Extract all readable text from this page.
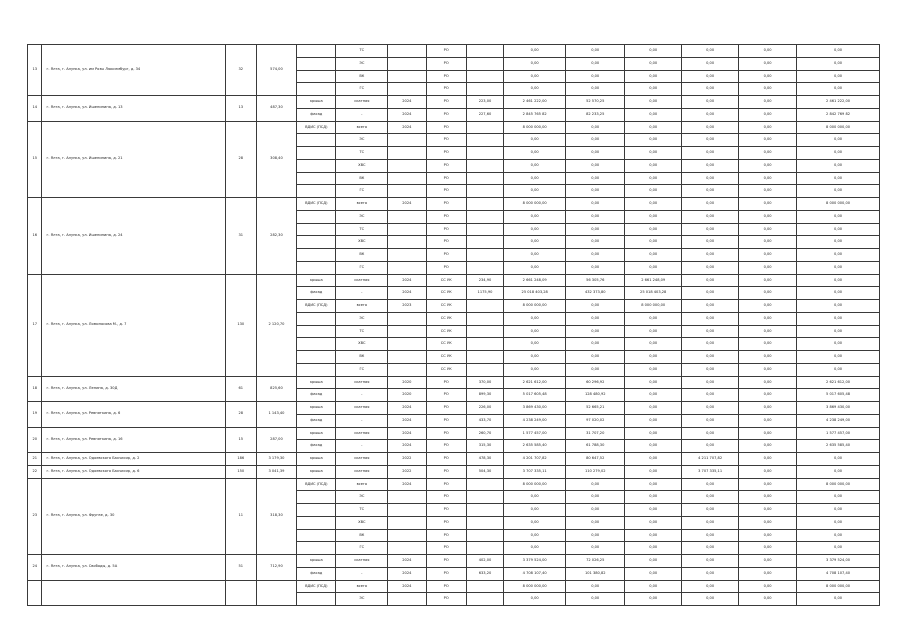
13	г. Ялта, г. Алупка, ул. им Розы Люксембург, д. 34	32	574,00		ТС		РО		0,00	0,00	0,00	0,00	0,00	0,00
					ЭС		РО		0,00	0,00	0,00	0,00	0,00	0,00
					ВК		РО		0,00	0,00	0,00	0,00	0,00	0,00
					ГС		РО		0,00	0,00	0,00	0,00	0,00	0,00
14	г. Ялта, г. Алупка, ул. Ишенинина, д. 13	13	487,30	крыша	скатная	2024	РО	223,00	2 461 222,00	52 570,25	0,00	0,00	0,00	2 461 222,00
				фасад	-	2024	РО	227,60	2 845 765 82	82 233,25	0,00	0,00	0,00	2 842 769 82
15	г. Ялта, г. Алупка, ул. Ишенинина, д. 21	28	308,40	ВДИС (ПСД)	всего	2024	РО		8 000 000,00	0,00	0,00	0,00	0,00	8 000 000,00
					ЭС		РО		0,00	0,00	0,00	0,00	0,00	0,00
					ТС		РО		0,00	0,00	0,00	0,00	0,00	0,00
					ХВС		РО		0,00	0,00	0,00	0,00	0,00	0,00
					ВК		РО		0,00	0,00	0,00	0,00	0,00	0,00
					ГС		РО		0,00	0,00	0,00	0,00	0,00	0,00
16	г. Ялта, г. Алупка, ул. Ишенинина, д. 24	31	282,30	ВДИС (ПСД)	всего	2024	РО		8 000 000,00	0,00	0,00	0,00	0,00	8 000 000,00
					ЭС		РО		0,00	0,00	0,00	0,00	0,00	0,00
					ТС		РО		0,00	0,00	0,00	0,00	0,00	0,00
					ХВС		РО		0,00	0,00	0,00	0,00	0,00	0,00
					ВК		РО		0,00	0,00	0,00	0,00	0,00	0,00
					ГС		РО		0,00	0,00	0,00	0,00	0,00	0,00
17	г. Ялта, г. Алупка, ул. Ломоносова М., д. 7	130	2 120,70	крыша	скатная	2024	СС УК	234,90	2 661 248,09	56 305,76	2 661 248,09	0,00	0,00	0,00
				фасад	-	2024	СС УК	1175,90	25 018 403,28	432 373,80	25 018 403,28	0,00	0,00	0,00
				ВДИС (ПСД)	всего	2023	СС УК		8 000 000,00	0,00	8 000 000,00	0,00	0,00	0,00
					ЭС		СС УК		0,00	0,00	0,00	0,00	0,00	0,00
					ТС		СС УК		0,00	0,00	0,00	0,00	0,00	0,00
					ХВС		СС УК		0,00	0,00	0,00	0,00	0,00	0,00
					ВК		СС УК		0,00	0,00	0,00	0,00	0,00	0,00
					ГС		СС УК		0,00	0,00	0,00	0,00	0,00	0,00
18	г. Ялта, г. Алупка, ул. Ленина, д. 30Д	61	825,60	крыша	скатная	2020	РО	370,00	2 621 612,00	60 296,92	0,00	0,00	0,00	2 621 612,00
				фасад	-	2020	РО	899,30	5 017 605,48	128 480,92	0,00	0,00	0,00	5 017 605,48
19	г. Ялта, г. Алупка, ул. Ревпяткина, д. 6	28	1 143,40	крыша	скатная	2024	РО	226,00	3 869 430,00	52 665,21	0,00	0,00	0,00	3 869 430,00
				фасад	-	2024	РО	433,70	4 238 249,00	97 020,02	0,00	0,00	0,00	4 238 249,00
20	г. Ялта, г. Алупка, ул. Ревпяткина, д. 16	15	287,00	крыша	скатная	2024	РО	260,70	1 577 457,00	31 707,20	0,00	0,00	0,00	1 577 457,00
				фасад	-	2024	РО	315,30	2 635 585,40	61 788,30	0,00	0,00	0,00	2 635 585,40
21	г. Ялта, г. Алупка, ул. Одоевского Бахчисир, д. 2	186	3 179,30	крыша	скатная	2022	РО	478,30	4 201 707,82	80 647,52	0,00	4 211 707,82	0,00	0,00
22	г. Ялта, г. Алупка, ул. Одоевского Бахчисир, д. 6	150	3 041,39	крыша	скатная	2022	РО	504,30	3 707 335,11	110 279,02	0,00	3 707 335,11	0,00	0,00
23	г. Ялта, г. Алупка, ул. Фрунзе, д. 30	11	318,30	ВДИС (ПСД)	всего	2024	РО		8 000 000,00	0,00	0,00	0,00	0,00	8 000 000,00
					ЭС		РО		0,00	0,00	0,00	0,00	0,00	0,00
					ТС		РО		0,00	0,00	0,00	0,00	0,00	0,00
					ХВС		РО		0,00	0,00	0,00	0,00	0,00	0,00
					ВК		РО		0,00	0,00	0,00	0,00	0,00	0,00
					ГС		РО		0,00	0,00	0,00	0,00	0,00	0,00
24	г. Ялта, г. Алупка, ул. Свободы, д. 5А	51	712,90	крыша	скатная	2024	РО	402,00	3 379 524,00	72 026,25	0,00	0,00	0,00	3 379 524,00
				фасад	-	2024	РО	633,20	4 708 107,40	101 380,82	0,00	0,00	0,00	4 708 107,40
				ВДИС (ПСД)	всего	2024	РО		8 000 000,00	0,00	0,00	0,00	0,00	8 000 000,00
					ЭС		РО		0,00	0,00	0,00	0,00	0,00	0,00
